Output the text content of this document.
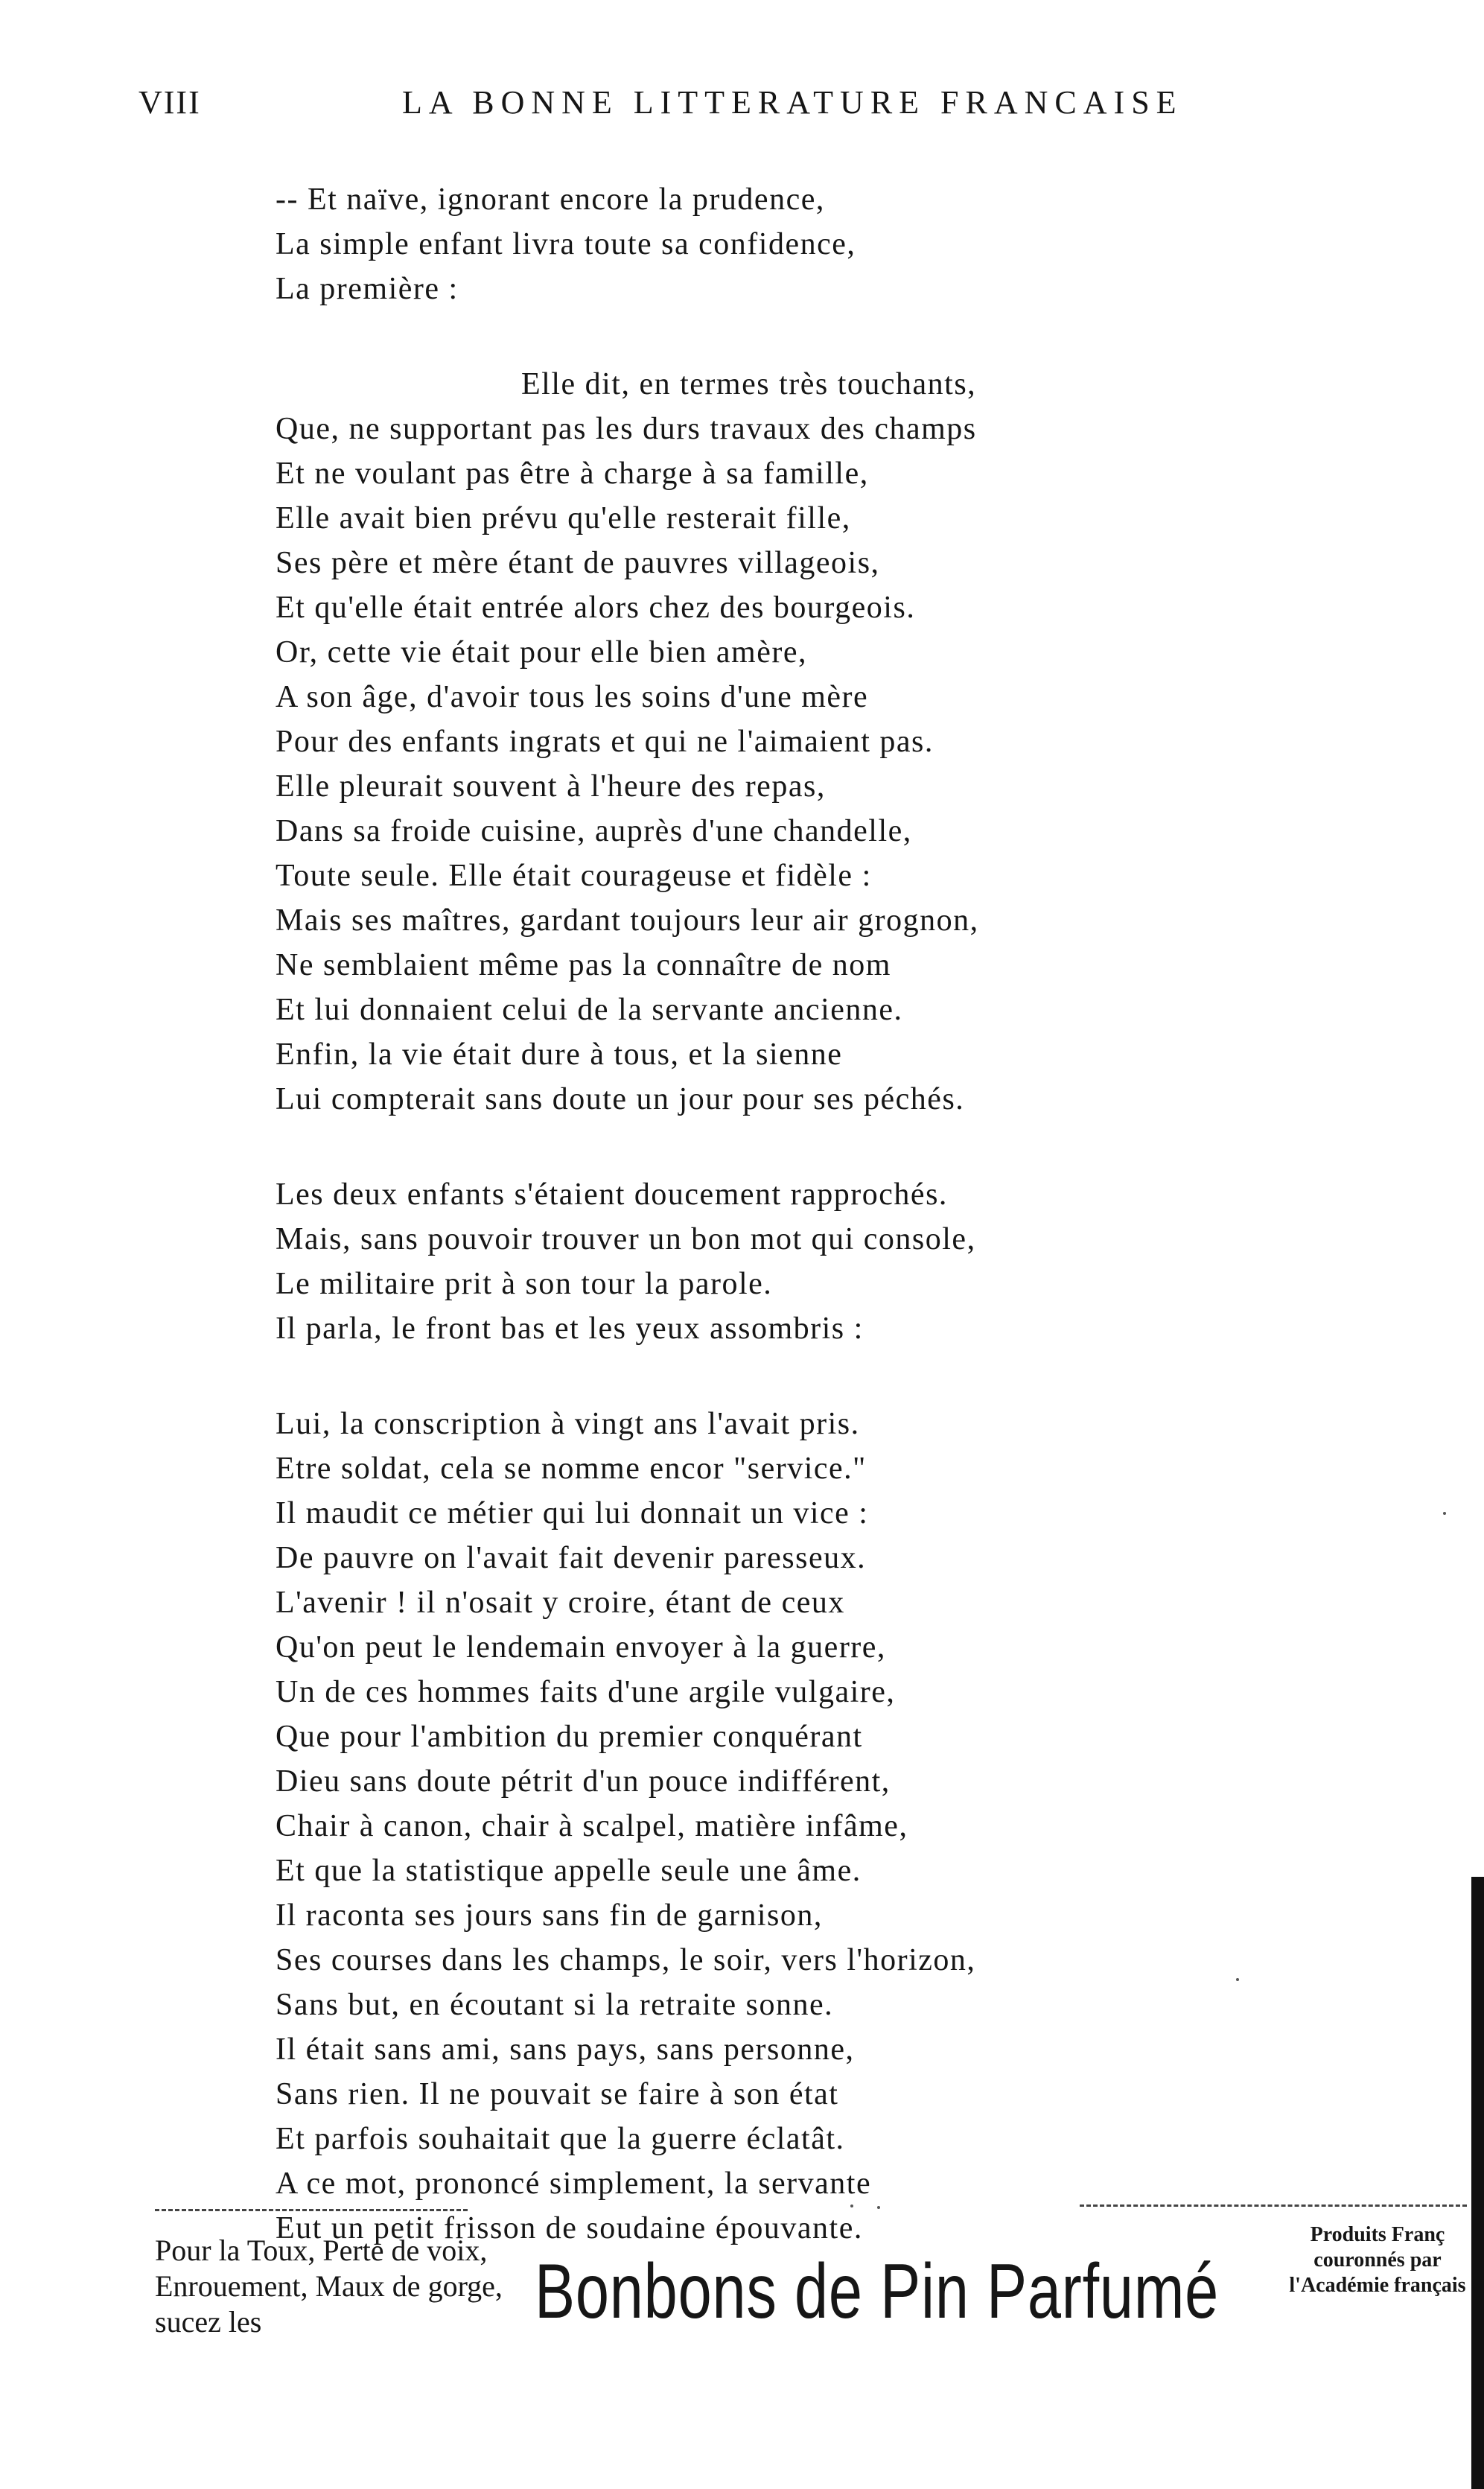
VIII	LA BONNE LITTERATURE FRANCAISE
-- Et naïve, ignorant encore la prudence,
La simple enfant livra toute sa confidence,
La première :
Elle dit, en termes très touchants,
Que, ne supportant pas les durs travaux des champs
Et ne voulant pas être à charge à sa famille,
Elle avait bien prévu qu'elle resterait fille,
Ses père et mère étant de pauvres villageois,
Et qu'elle était entrée alors chez des bourgeois.
Or, cette vie était pour elle bien amère,
A son âge, d'avoir tous les soins d'une mère
Pour des enfants ingrats et qui ne l'aimaient pas.
Elle pleurait souvent à l'heure des repas,
Dans sa froide cuisine, auprès d'une chandelle,
Toute seule. Elle était courageuse et fidèle :
Mais ses maîtres, gardant toujours leur air grognon,
Ne semblaient même pas la connaître de nom
Et lui donnaient celui de la servante ancienne.
Enfin, la vie était dure à tous, et la sienne
Lui compterait sans doute un jour pour ses péchés.
Les deux enfants s'étaient doucement rapprochés.
Mais, sans pouvoir trouver un bon mot qui console,
Le militaire prit à son tour la parole.
Il parla, le front bas et les yeux assombris :
Lui, la conscription à vingt ans l'avait pris.
Etre soldat, cela se nomme encor "service."
Il maudit ce métier qui lui donnait un vice :
De pauvre on l'avait fait devenir paresseux.
L'avenir ! il n'osait y croire, étant de ceux
Qu'on peut le lendemain envoyer à la guerre,
Un de ces hommes faits d'une argile vulgaire,
Que pour l'ambition du premier conquérant
Dieu sans doute pétrit d'un pouce indifférent,
Chair à canon, chair à scalpel, matière infâme,
Et que la statistique appelle seule une âme.
Il raconta ses jours sans fin de garnison,
Ses courses dans les champs, le soir, vers l'horizon,
Sans but, en écoutant si la retraite sonne.
Il était sans ami, sans pays, sans personne,
Sans rien. Il ne pouvait se faire à son état
Et parfois souhaitait que la guerre éclatât.
A ce mot, prononcé simplement, la servante
Eut un petit frisson de soudaine épouvante.
Pour la Toux, Perte de voix, Enrouement, Maux de gorge, sucez les	Bonbons de Pin Parfumé
Produits Franç couronnés par l'Académie français
